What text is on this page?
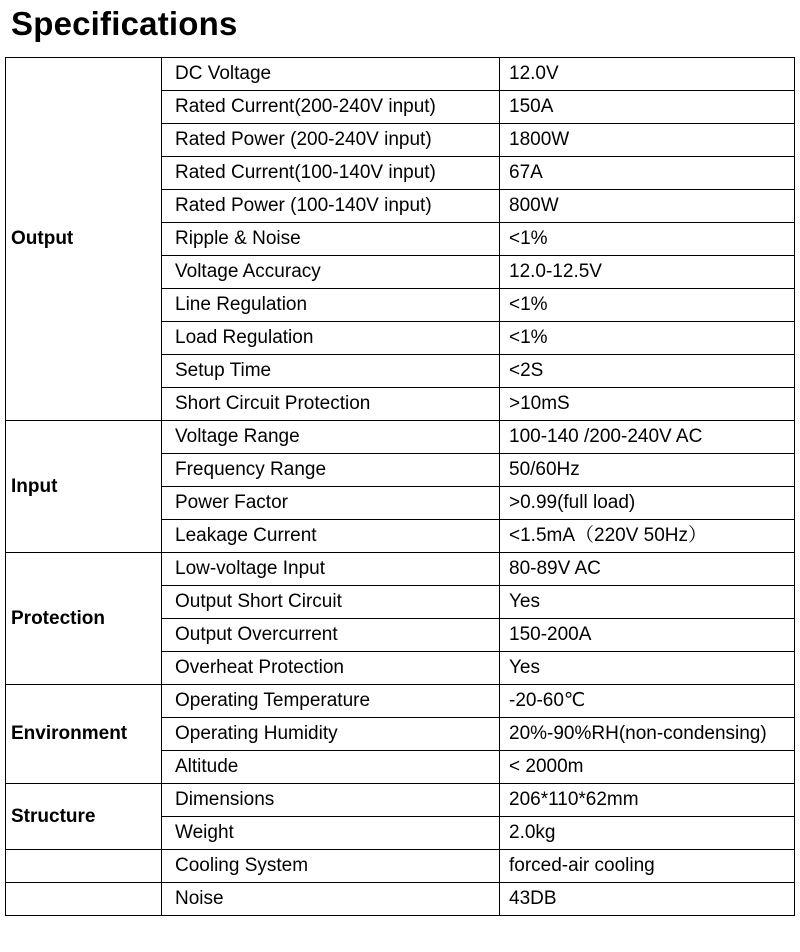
Specifications
Output	DC Voltage	12.0V
	Rated Current(200-240V input)	150A
	Rated Power (200-240V input)	1800W
	Rated Current(100-140V input)	67A
	Rated Power (100-140V input)	800W
	Ripple & Noise	<1%
	Voltage Accuracy	12.0-12.5V
	Line Regulation	<1%
	Load Regulation	<1%
	Setup Time	<2S
	Short Circuit Protection	>10mS
Input	Voltage Range	100-140 /200-240V AC
	Frequency Range	50/60Hz
	Power Factor	>0.99(full load)
	Leakage Current	<1.5mA（220V 50Hz）
Protection	Low-voltage Input	80-89V AC
	Output Short Circuit	Yes
	Output Overcurrent	150-200A
	Overheat Protection	Yes
Environment	Operating Temperature	-20-60℃
	Operating Humidity	20%-90%RH(non-condensing)
	Altitude	< 2000m
Structure	Dimensions	206*110*62mm
	Weight	2.0kg
	Cooling System	forced-air cooling
	Noise	43DB
